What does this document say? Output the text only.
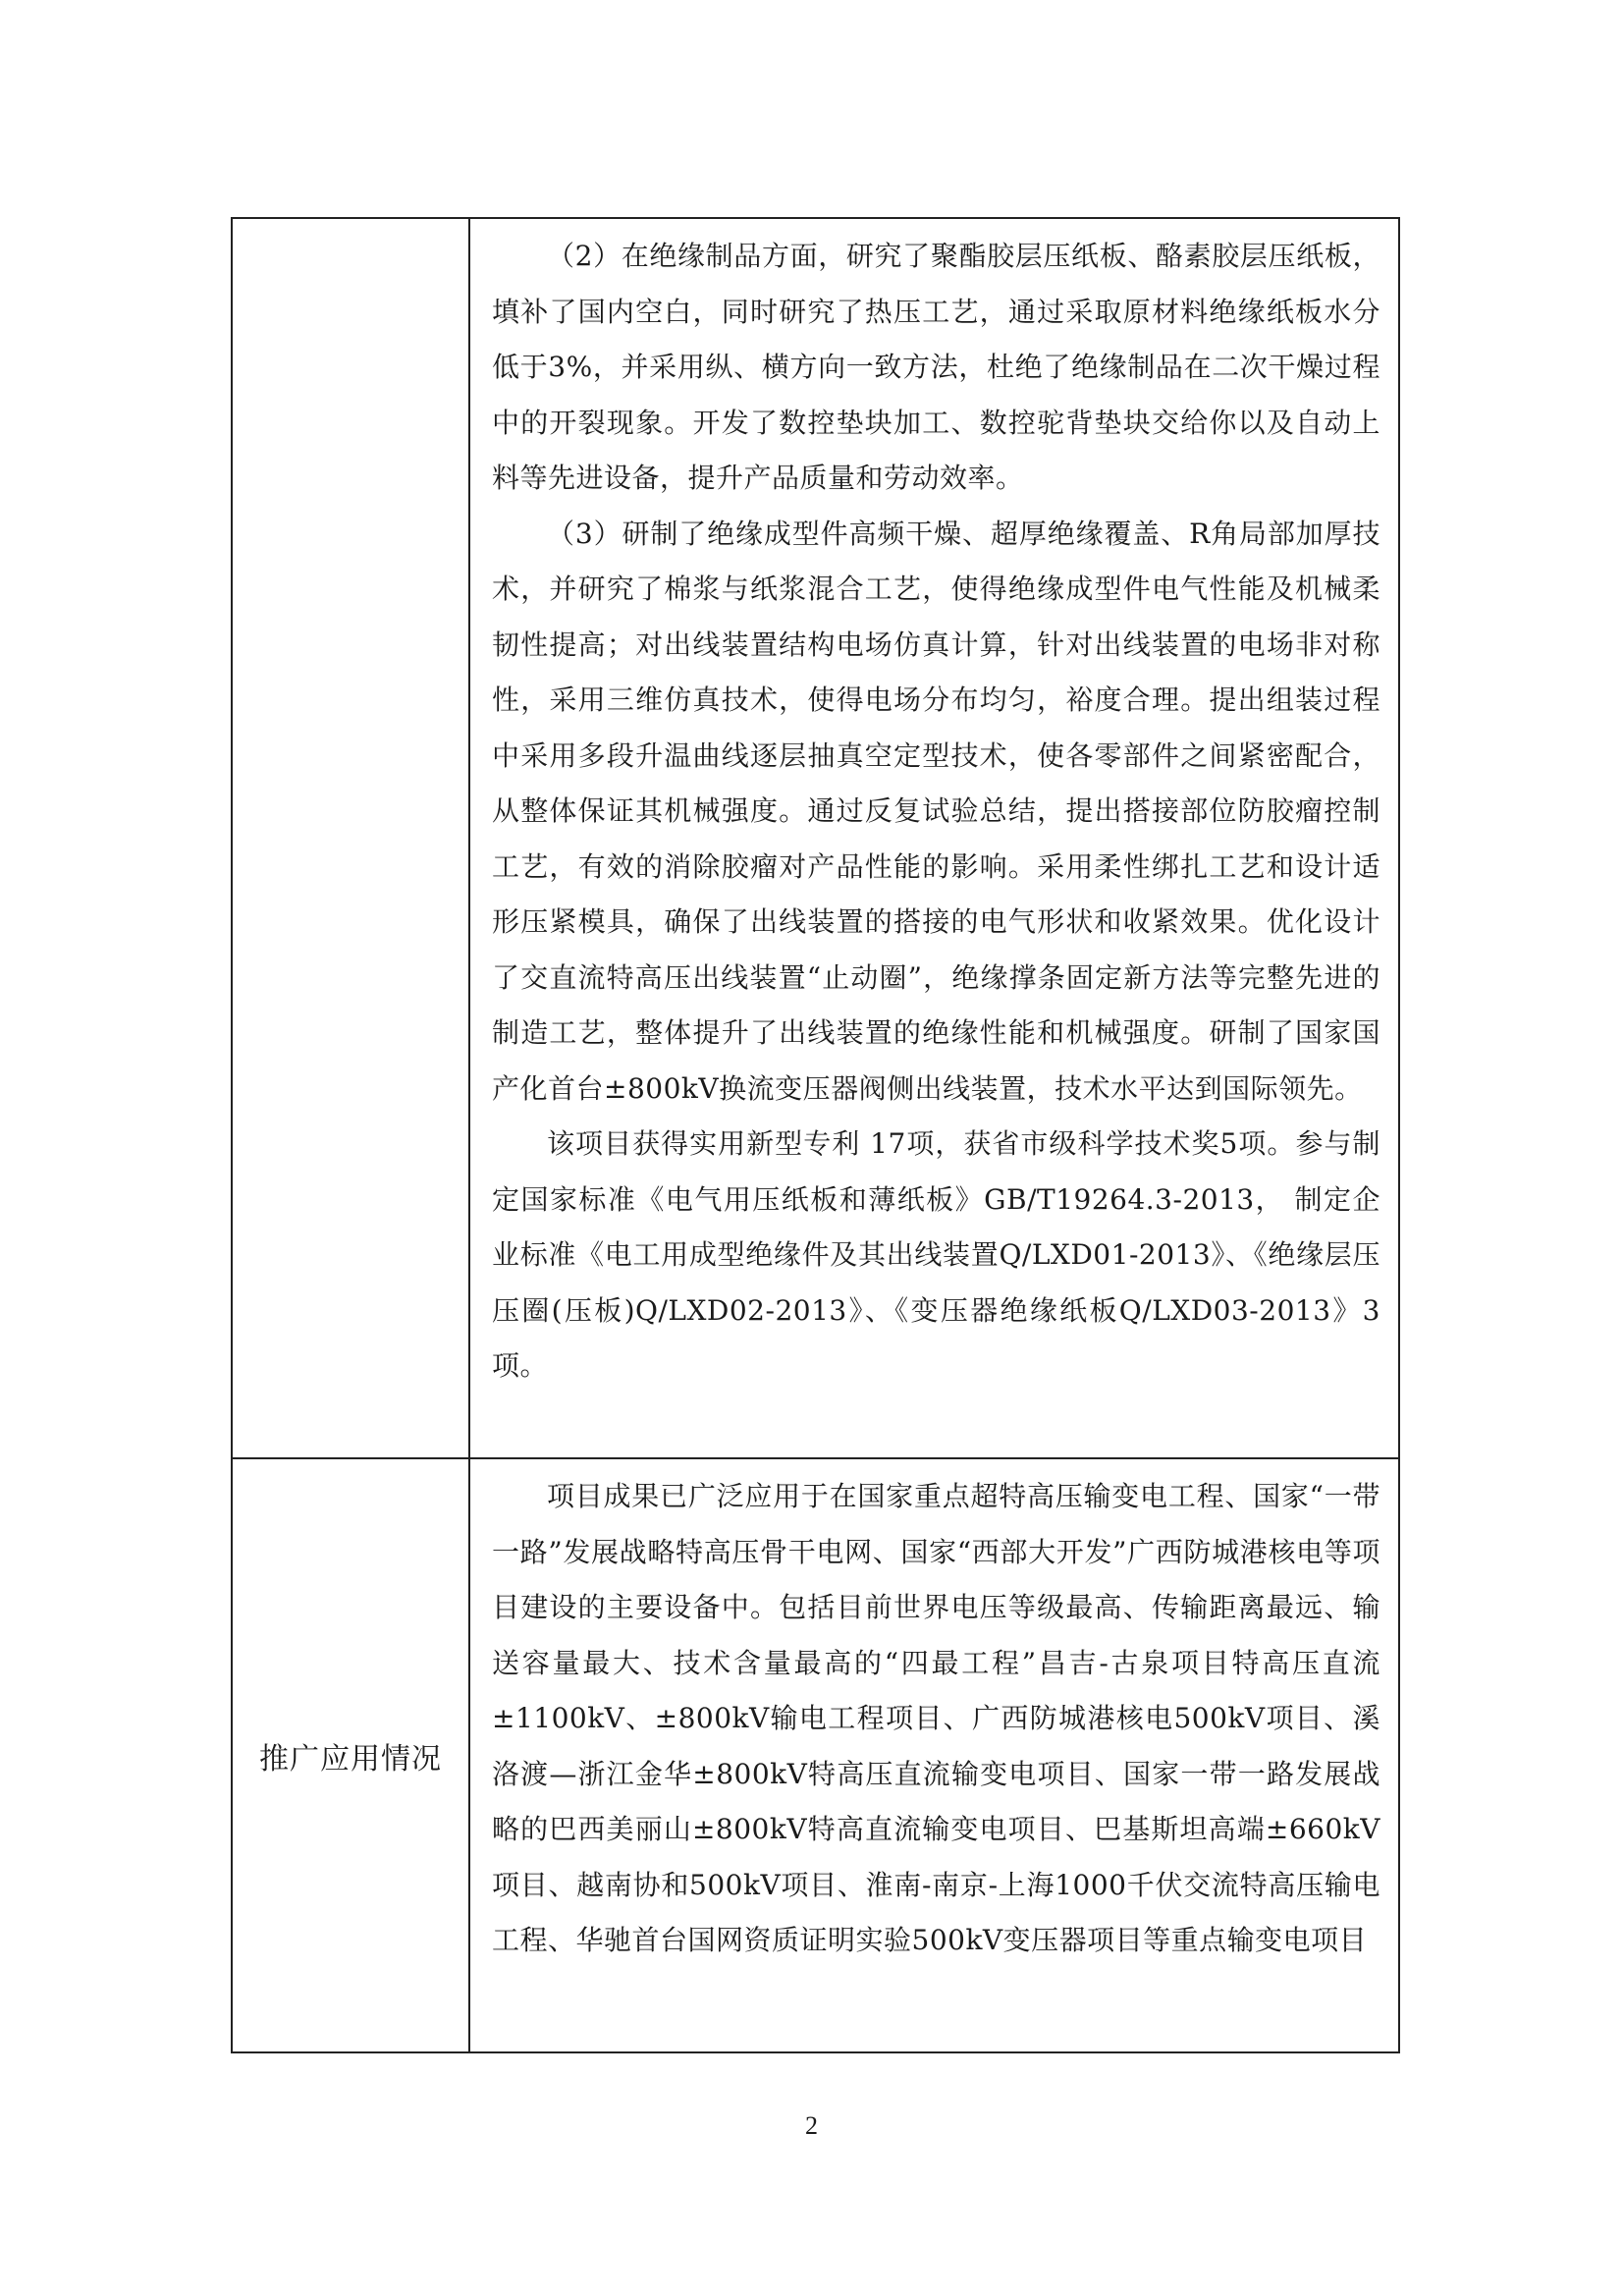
	（2）在绝缘制品方面，研究了聚酯胶层压纸板、酪素胶层压纸板，填补了国内空白，同时研究了热压工艺，通过采取原材料绝缘纸板水分低于3%，并采用纵、横方向一致方法，杜绝了绝缘制品在二次干燥过程中的开裂现象。开发了数控垫块加工、数控驼背垫块交给你以及自动上料等先进设备，提升产品质量和劳动效率。

（3）研制了绝缘成型件高频干燥、超厚绝缘覆盖、R角局部加厚技术，并研究了棉浆与纸浆混合工艺，使得绝缘成型件电气性能及机械柔韧性提高；对出线装置结构电场仿真计算，针对出线装置的电场非对称性，采用三维仿真技术，使得电场分布均匀，裕度合理。提出组装过程中采用多段升温曲线逐层抽真空定型技术，使各零部件之间紧密配合，从整体保证其机械强度。通过反复试验总结，提出搭接部位防胶瘤控制工艺，有效的消除胶瘤对产品性能的影响。采用柔性绑扎工艺和设计适形压紧模具，确保了出线装置的搭接的电气形状和收紧效果。优化设计了交直流特高压出线装置“止动圈”，绝缘撑条固定新方法等完整先进的制造工艺，整体提升了出线装置的绝缘性能和机械强度。研制了国家国产化首台±800kV换流变压器阀侧出线装置，技术水平达到国际领先。

该项目获得实用新型专利 17项，获省市级科学技术奖5项。参与制定国家标准《电气用压纸板和薄纸板》GB/T19264.3-2013， 制定企业标准《电工用成型绝缘件及其出线装置Q/LXD01-2013》、《绝缘层压压圈(压板)Q/LXD02-2013》、《变压器绝缘纸板Q/LXD03-2013》3项。

推广应用情况	项目成果已广泛应用于在国家重点超特高压输变电工程、国家“一带一路”发展战略特高压骨干电网、国家“西部大开发”广西防城港核电等项目建设的主要设备中。包括目前世界电压等级最高、传输距离最远、输送容量最大、技术含量最高的“四最工程”昌吉-古泉项目特高压直流±1100kV、±800kV输电工程项目、广西防城港核电500kV项目、溪洛渡—浙江金华±800kV特高压直流输变电项目、国家一带一路发展战略的巴西美丽山±800kV特高直流输变电项目、巴基斯坦高端±660kV项目、越南协和500kV项目、淮南-南京-上海1000千伏交流特高压输电工程、华驰首台国网资质证明实验500kV变压器项目等重点输变电项目

2
